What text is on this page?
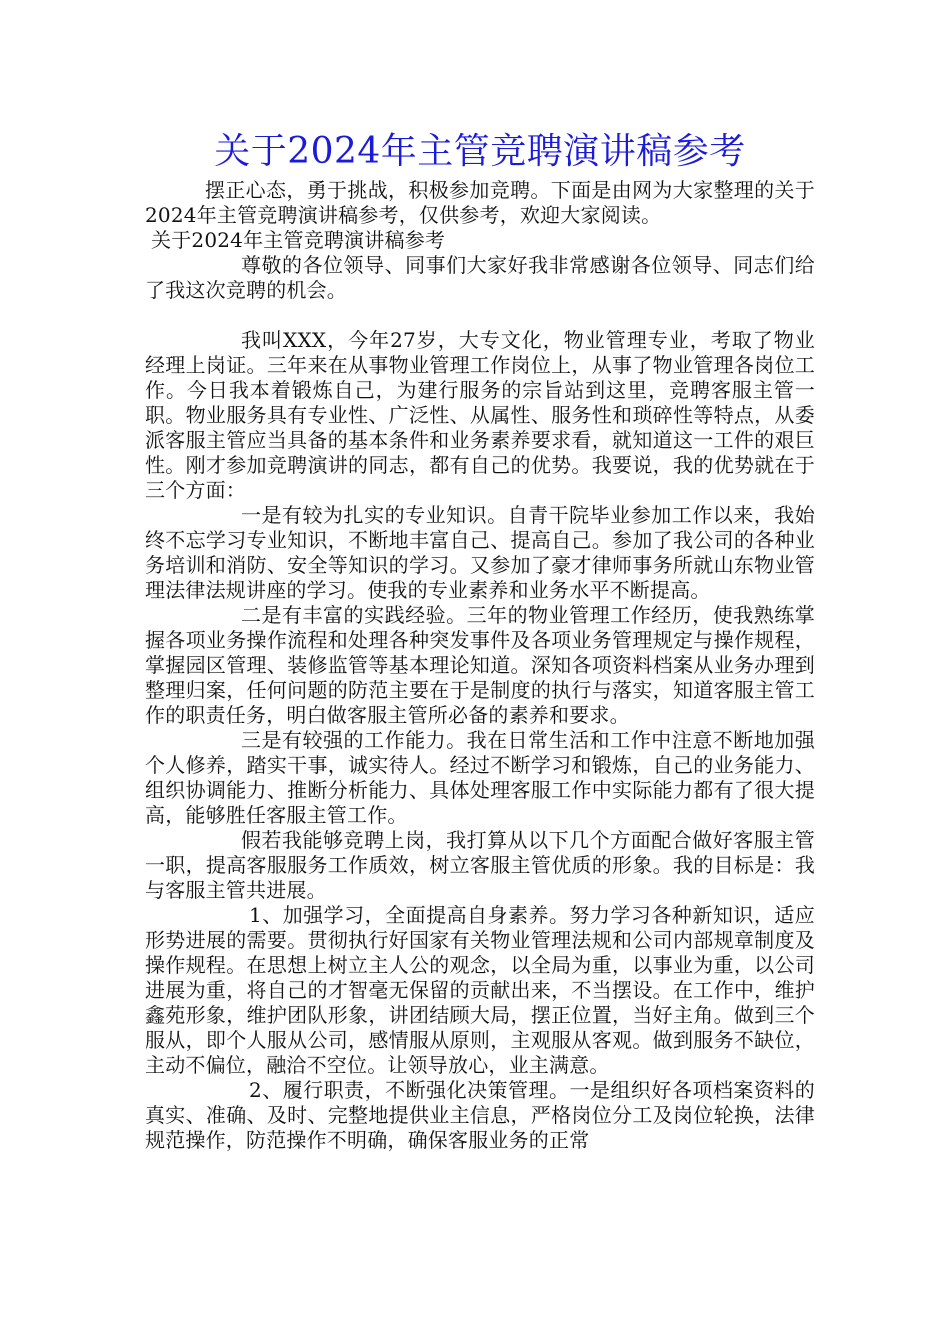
关于2024年主管竞聘演讲稿参考

摆正心态，勇于挑战，积极参加竞聘。下面是由网为大家整理的关于2024年主管竞聘演讲稿参考，仅供参考，欢迎大家阅读。

关于2024年主管竞聘演讲稿参考

尊敬的各位领导、同事们大家好我非常感谢各位领导、同志们给了我这次竞聘的机会。

我叫XXX，今年27岁，大专文化，物业管理专业，考取了物业经理上岗证。三年来在从事物业管理工作岗位上，从事了物业管理各岗位工作。今日我本着锻炼自己，为建行服务的宗旨站到这里，竞聘客服主管一职。物业服务具有专业性、广泛性、从属性、服务性和琐碎性等特点，从委派客服主管应当具备的基本条件和业务素养要求看，就知道这一工件的艰巨性。刚才参加竞聘演讲的同志，都有自己的优势。我要说，我的优势就在于三个方面：

一是有较为扎实的专业知识。自青干院毕业参加工作以来，我始终不忘学习专业知识，不断地丰富自己、提高自己。参加了我公司的各种业务培训和消防、安全等知识的学习。又参加了豪才律师事务所就山东物业管理法律法规讲座的学习。使我的专业素养和业务水平不断提高。

二是有丰富的实践经验。三年的物业管理工作经历，使我熟练掌握各项业务操作流程和处理各种突发事件及各项业务管理规定与操作规程，掌握园区管理、装修监管等基本理论知道。深知各项资料档案从业务办理到整理归案，任何问题的防范主要在于是制度的执行与落实，知道客服主管工作的职责任务，明白做客服主管所必备的素养和要求。

三是有较强的工作能力。我在日常生活和工作中注意不断地加强个人修养，踏实干事，诚实待人。经过不断学习和锻炼，自己的业务能力、组织协调能力、推断分析能力、具体处理客服工作中实际能力都有了很大提高，能够胜任客服主管工作。

假若我能够竞聘上岗，我打算从以下几个方面配合做好客服主管一职，提高客服服务工作质效，树立客服主管优质的形象。我的目标是：我与客服主管共进展。

1、加强学习，全面提高自身素养。努力学习各种新知识，适应形势进展的需要。贯彻执行好国家有关物业管理法规和公司内部规章制度及操作规程。在思想上树立主人公的观念，以全局为重，以事业为重，以公司进展为重，将自己的才智毫无保留的贡献出来，不当摆设。在工作中，维护鑫苑形象，维护团队形象，讲团结顾大局，摆正位置，当好主角。做到三个服从，即个人服从公司，感情服从原则，主观服从客观。做到服务不缺位，主动不偏位，融洽不空位。让领导放心，业主满意。

2、履行职责，不断强化决策管理。一是组织好各项档案资料的真实、准确、及时、完整地提供业主信息，严格岗位分工及岗位轮换，法律规范操作，防范操作不明确，确保客服业务的正常
